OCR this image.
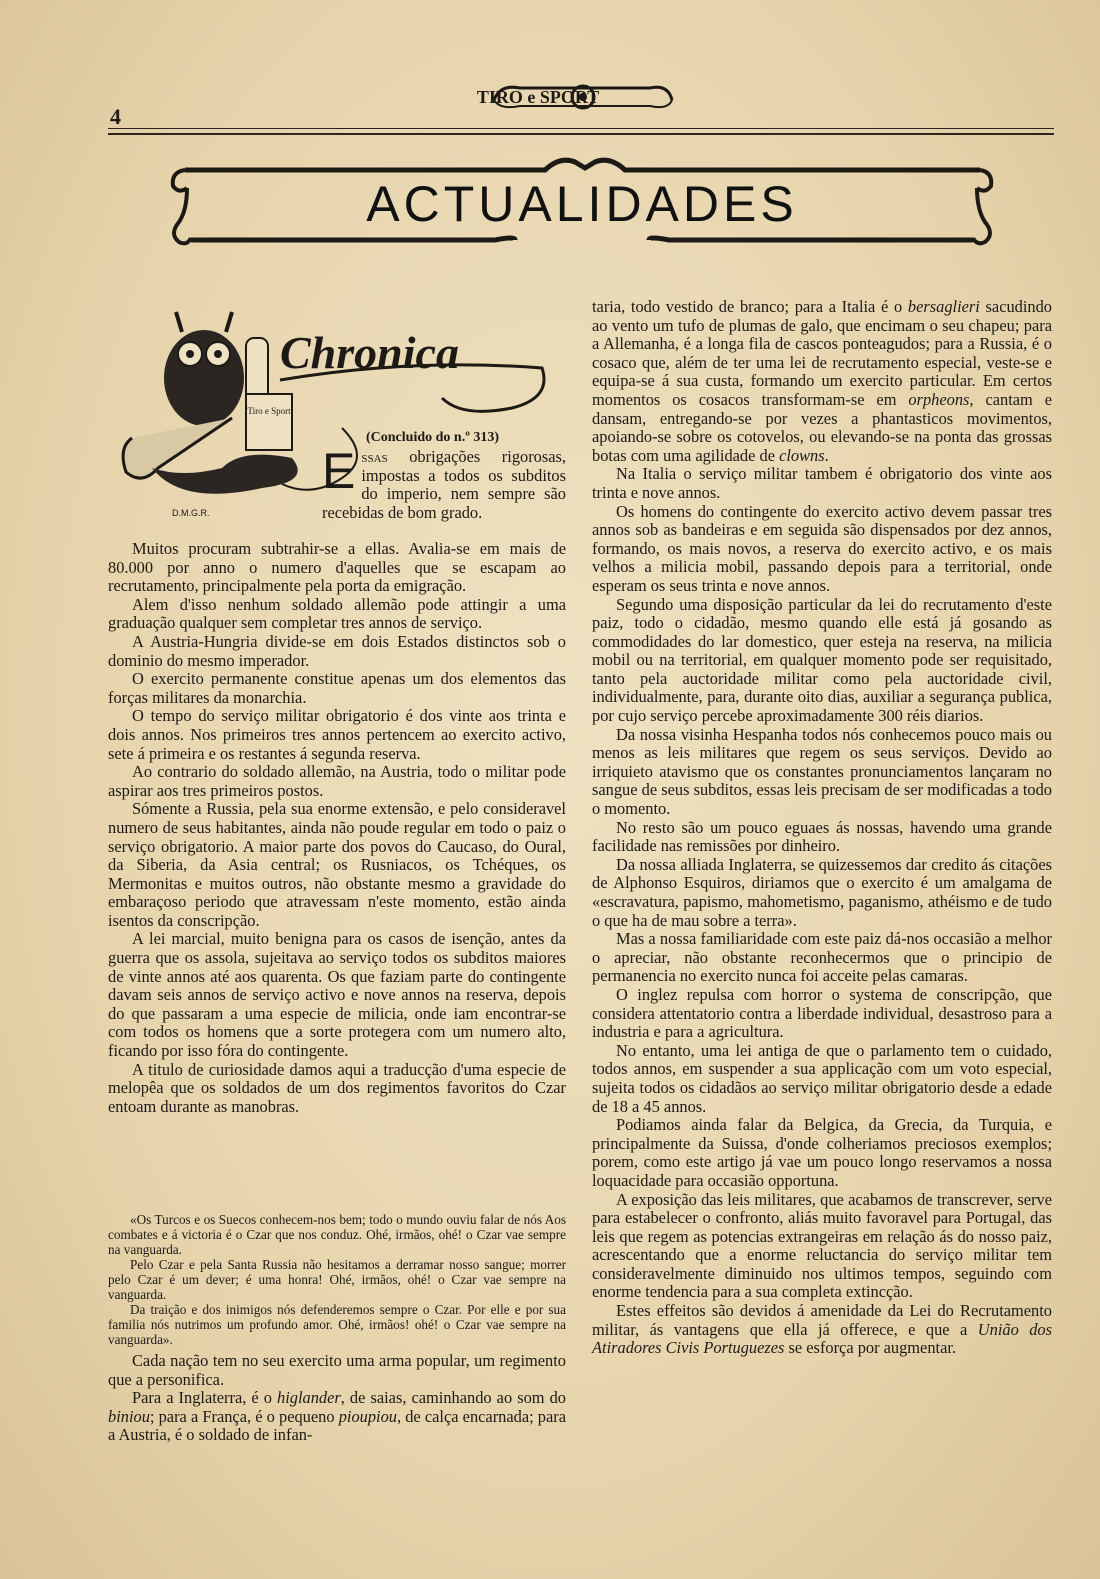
TIRO e SPORT
4
ACTUALIDADES
Tiro e Sport
Chronica
D.M.G.R.
(Concluido do n.º 313)
Essas obrigações rigorosas, impostas a todos os subditos do imperio, nem sempre são recebidas de bom grado.

Muitos procuram subtrahir-se a ellas. Avalia-se em mais de 80.000 por anno o numero d'aquelles que se escapam ao recrutamento, principalmente pela porta da emigração.

Alem d'isso nenhum soldado allemão pode attingir a uma graduação qualquer sem completar tres annos de serviço.

A Austria-Hungria divide-se em dois Estados distinctos sob o dominio do mesmo imperador.

O exercito permanente constitue apenas um dos elementos das forças militares da monarchia.

O tempo do serviço militar obrigatorio é dos vinte aos trinta e dois annos. Nos primeiros tres annos pertencem ao exercito activo, sete á primeira e os restantes á segunda reserva.

Ao contrario do soldado allemão, na Austria, todo o militar pode aspirar aos tres primeiros postos.

Sómente a Russia, pela sua enorme extensão, e pelo consideravel numero de seus habitantes, ainda não poude regular em todo o paiz o serviço obrigatorio. A maior parte dos povos do Caucaso, do Oural, da Siberia, da Asia central; os Rusniacos, os Tchéques, os Mermonitas e muitos outros, não obstante mesmo a gravidade do embaraçoso periodo que atravessam n'este momento, estão ainda isentos da conscripção.

A lei marcial, muito benigna para os casos de isenção, antes da guerra que os assola, sujeitava ao serviço todos os subditos maiores de vinte annos até aos quarenta. Os que faziam parte do contingente davam seis annos de serviço activo e nove annos na reserva, depois do que passaram a uma especie de milicia, onde iam encontrar-se com todos os homens que a sorte protegera com um numero alto, ficando por isso fóra do contingente.

A titulo de curiosidade damos aqui a traducção d'uma especie de melopêa que os soldados de um dos regimentos favoritos do Czar entoam durante as manobras.

«Os Turcos e os Suecos conhecem-nos bem; todo o mundo ouviu falar de nós Aos combates e á victoria é o Czar que nos conduz. Ohé, irmãos, ohé! o Czar vae sempre na vanguarda.

Pelo Czar e pela Santa Russia não hesitamos a derramar nosso sangue; morrer pelo Czar é um dever; é uma honra! Ohé, irmãos, ohé! o Czar vae sempre na vanguarda.

Da traição e dos inimigos nós defenderemos sempre o Czar. Por elle e por sua familia nós nutrimos um profundo amor. Ohé, irmãos! ohé! o Czar vae sempre na vanguarda».

Cada nação tem no seu exercito uma arma popular, um regimento que a personifica.

Para a Inglaterra, é o higlander, de saias, caminhando ao som do biniou; para a França, é o pequeno pioupiou, de calça encarnada; para a Austria, é o soldado de infan-

taria, todo vestido de branco; para a Italia é o bersaglieri sacudindo ao vento um tufo de plumas de galo, que encimam o seu chapeu; para a Allemanha, é a longa fila de cascos ponteagudos; para a Russia, é o cosaco que, além de ter uma lei de recrutamento especial, veste-se e equipa-se á sua custa, formando um exercito particular. Em certos momentos os cosacos transformam-se em orpheons, cantam e dansam, entregando-se por vezes a phantasticos movimentos, apoiando-se sobre os cotovelos, ou elevando-se na ponta das grossas botas com uma agilidade de clowns.

Na Italia o serviço militar tambem é obrigatorio dos vinte aos trinta e nove annos.

Os homens do contingente do exercito activo devem passar tres annos sob as bandeiras e em seguida são dispensados por dez annos, formando, os mais novos, a reserva do exercito activo, e os mais velhos a milicia mobil, passando depois para a territorial, onde esperam os seus trinta e nove annos.

Segundo uma disposição particular da lei do recrutamento d'este paiz, todo o cidadão, mesmo quando elle está já gosando as commodidades do lar domestico, quer esteja na reserva, na milicia mobil ou na territorial, em qualquer momento pode ser requisitado, tanto pela auctoridade militar como pela auctoridade civil, individualmente, para, durante oito dias, auxiliar a segurança publica, por cujo serviço percebe aproximadamente 300 réis diarios.

Da nossa visinha Hespanha todos nós conhecemos pouco mais ou menos as leis militares que regem os seus serviços. Devido ao irriquieto atavismo que os constantes pronunciamentos lançaram no sangue de seus subditos, essas leis precisam de ser modificadas a todo o momento.

No resto são um pouco eguaes ás nossas, havendo uma grande facilidade nas remissões por dinheiro.

Da nossa alliada Inglaterra, se quizessemos dar credito ás citações de Alphonso Esquiros, diriamos que o exercito é um amalgama de «escravatura, papismo, mahometismo, paganismo, athéismo e de tudo o que ha de mau sobre a terra».

Mas a nossa familiaridade com este paiz dá-nos occasião a melhor o apreciar, não obstante reconhecermos que o principio de permanencia no exercito nunca foi acceite pelas camaras.

O inglez repulsa com horror o systema de conscripção, que considera attentatorio contra a liberdade individual, desastroso para a industria e para a agricultura.

No entanto, uma lei antiga de que o parlamento tem o cuidado, todos annos, em suspender a sua applicação com um voto especial, sujeita todos os cidadãos ao serviço militar obrigatorio desde a edade de 18 a 45 annos.

Podiamos ainda falar da Belgica, da Grecia, da Turquia, e principalmente da Suissa, d'onde colheriamos preciosos exemplos; porem, como este artigo já vae um pouco longo reservamos a nossa loquacidade para occasião opportuna.

A exposição das leis militares, que acabamos de transcrever, serve para estabelecer o confronto, aliás muito favoravel para Portugal, das leis que regem as potencias extrangeiras em relação ás do nosso paiz, acrescentando que a enorme reluctancia do serviço militar tem consideravelmente diminuido nos ultimos tempos, seguindo com enorme tendencia para a sua completa extincção.

Estes effeitos são devidos á amenidade da Lei do Recrutamento militar, ás vantagens que ella já offerece, e que a União dos Atiradores Civis Portuguezes se esforça por augmentar.
